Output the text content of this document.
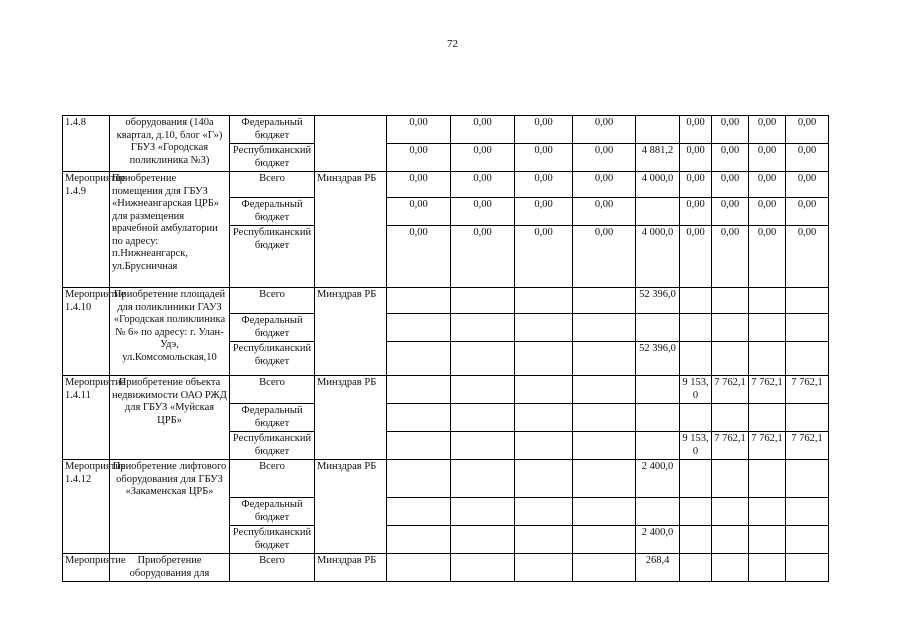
72
1.4.8	оборудования (140а квартал, д.10, блог «Г») ГБУЗ «Городская поликлиника №3)	Федеральный бюджет		0,00	0,00	0,00	0,00		0,00	0,00	0,00	0,00
		Республиканский бюджет		0,00	0,00	0,00	0,00	4 881,2	0,00	0,00	0,00	0,00
Мероприятие 1.4.9	Приобретение помещения для ГБУЗ «Нижнеангарская ЦРБ» для размещения врачебной амбулатории по адресу: п.Нижнеангарск, ул.Брусничная	Всего	Минздрав РБ	0,00	0,00	0,00	0,00	4 000,0	0,00	0,00	0,00	0,00
		Федеральный бюджет		0,00	0,00	0,00	0,00		0,00	0,00	0,00	0,00
		Республиканский бюджет		0,00	0,00	0,00	0,00	4 000,0	0,00	0,00	0,00	0,00
Мероприятие 1.4.10	Приобретение площадей для поликлиники ГАУЗ «Городская поликлиника № 6» по адресу: г. Улан-Удэ, ул.Комсомольская,10	Всего	Минздрав РБ					52 396,0				
		Федеральный бюджет										
		Республиканский бюджет						52 396,0				
Мероприятие 1.4.11	Приобретение объекта недвижимости ОАО РЖД для ГБУЗ «Муйская ЦРБ»	Всего	Минздрав РБ						9 153,0	7 762,1	7 762,1	7 762,1
		Федеральный бюджет										
		Республиканский бюджет							9 153,0	7 762,1	7 762,1	7 762,1
Мероприятие 1.4.12	Приобретение лифтового оборудования для ГБУЗ «Закаменская ЦРБ»	Всего	Минздрав РБ					2 400,0				
		Федеральный бюджет										
		Республиканский бюджет						2 400,0				
Мероприятие	Приобретение оборудования для	Всего	Минздрав РБ					268,4				
